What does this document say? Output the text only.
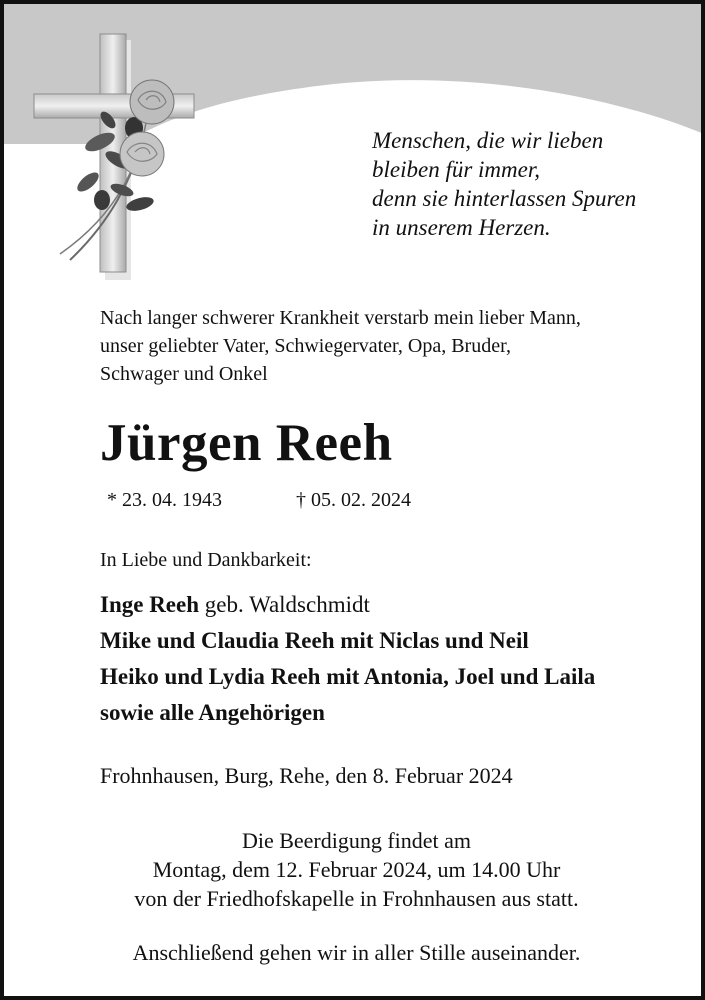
Menschen, die wir lieben
bleiben für immer,
denn sie hinterlassen Spuren
in unserem Herzen.
Nach langer schwerer Krankheit verstarb mein lieber Mann,
unser geliebter Vater, Schwiegervater, Opa, Bruder,
Schwager und Onkel
Jürgen Reeh
* 23. 04. 1943	† 05. 02. 2024
In Liebe und Dankbarkeit:
Inge Reeh geb. Waldschmidt
Mike und Claudia Reeh mit Niclas und Neil
Heiko und Lydia Reeh mit Antonia, Joel und Laila
sowie alle Angehörigen
Frohnhausen, Burg, Rehe, den 8. Februar 2024
Die Beerdigung findet am
Montag, dem 12. Februar 2024, um 14.00 Uhr
von der Friedhofskapelle in Frohnhausen aus statt.
Anschließend gehen wir in aller Stille auseinander.
